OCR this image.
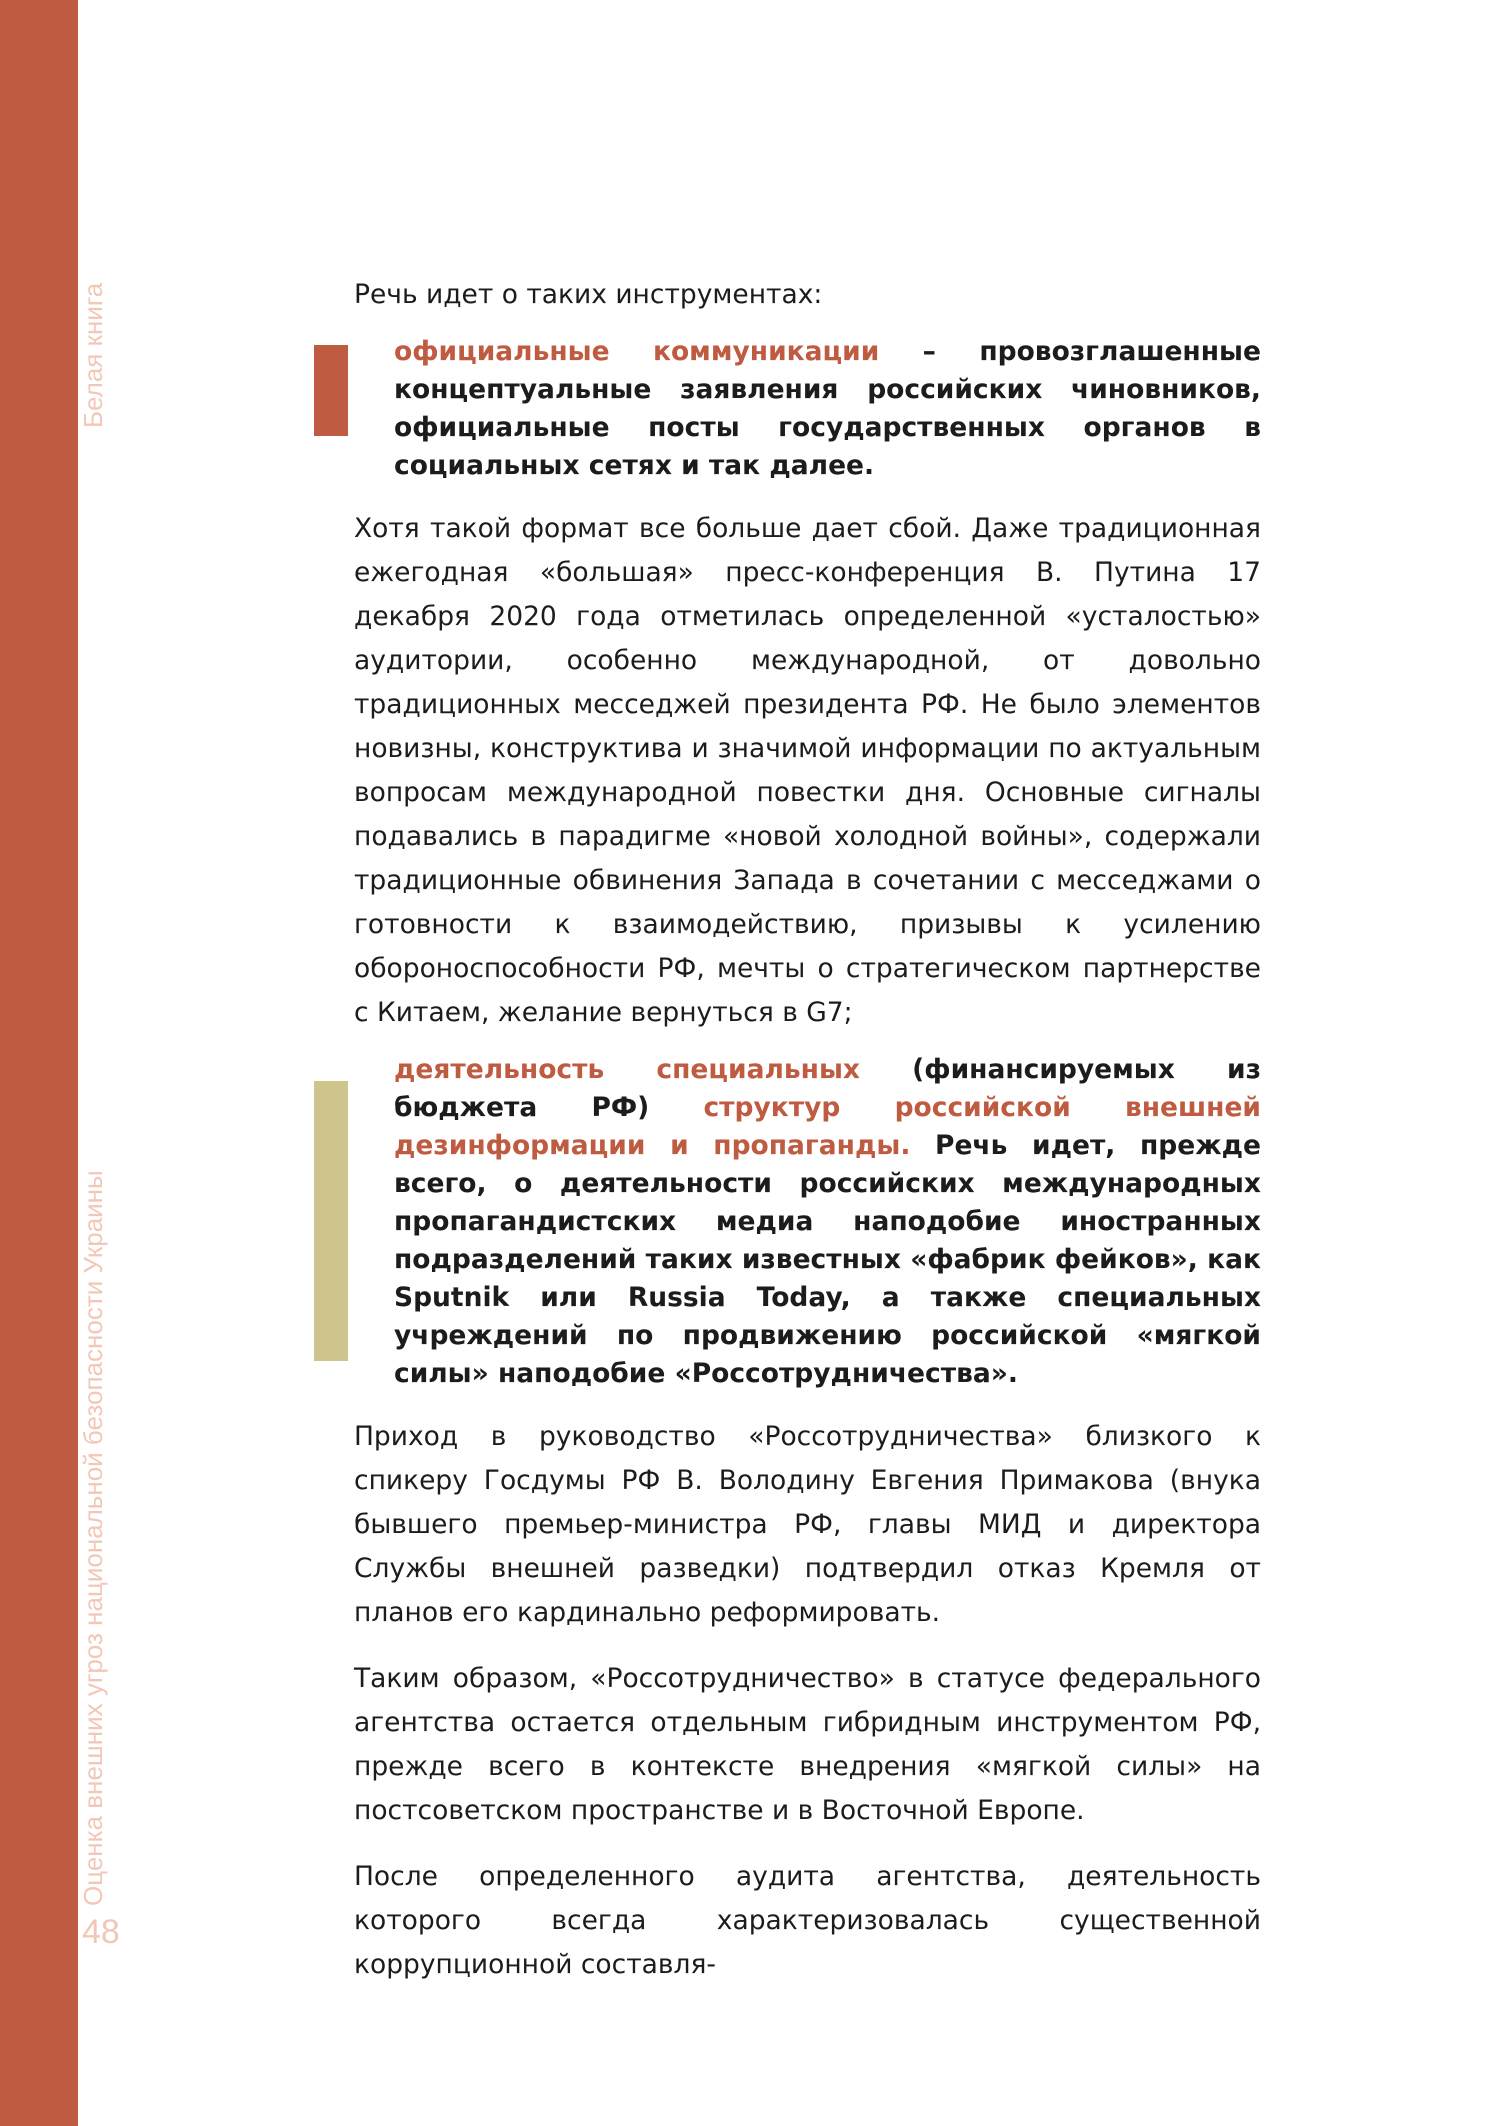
Белая книга
Оценка внешних угроз национальной безопасности Украины
48

Речь идет о таких инструментах:

официальные коммуникации – провозглашенные концептуальные заявления российских чиновников, официальные посты государственных органов в социальных сетях и так далее.

Хотя такой формат все больше дает сбой. Даже традиционная ежегодная «большая» пресс-конференция В. Путина 17 декабря 2020 года отметилась определенной «усталостью» аудитории, особенно международной, от довольно традиционных месседжей президента РФ. Не было элементов новизны, конструктива и значимой информации по актуальным вопросам международной повестки дня. Основные сигналы подавались в парадигме «новой холодной войны», содержали традиционные обвинения Запада в сочетании с месседжами о готовности к взаимодействию, призывы к усилению обороноспособности РФ, мечты о стратегическом партнерстве с Китаем, желание вернуться в G7;

деятельность специальных (финансируемых из бюджета РФ) структур российской внешней дезинформации и пропаганды. Речь идет, прежде всего, о деятельности российских международных пропагандистских медиа наподобие иностранных подразделений таких известных «фабрик фейков», как Sputnik или Russia Today, а также специальных учреждений по продвижению российской «мягкой силы» наподобие «Россотрудничества».

Приход в руководство «Россотрудничества» близкого к спикеру Госдумы РФ В. Володину Евгения Примакова (внука бывшего премьер-министра РФ, главы МИД и директора Службы внешней разведки) подтвердил отказ Кремля от планов его кардинально реформировать.

Таким образом, «Россотрудничество» в статусе федерального агентства остается отдельным гибридным инструментом РФ, прежде всего в контексте внедрения «мягкой силы» на постсоветском пространстве и в Восточной Европе.

После определенного аудита агентства, деятельность которого всегда характеризовалась существенной коррупционной составля-
